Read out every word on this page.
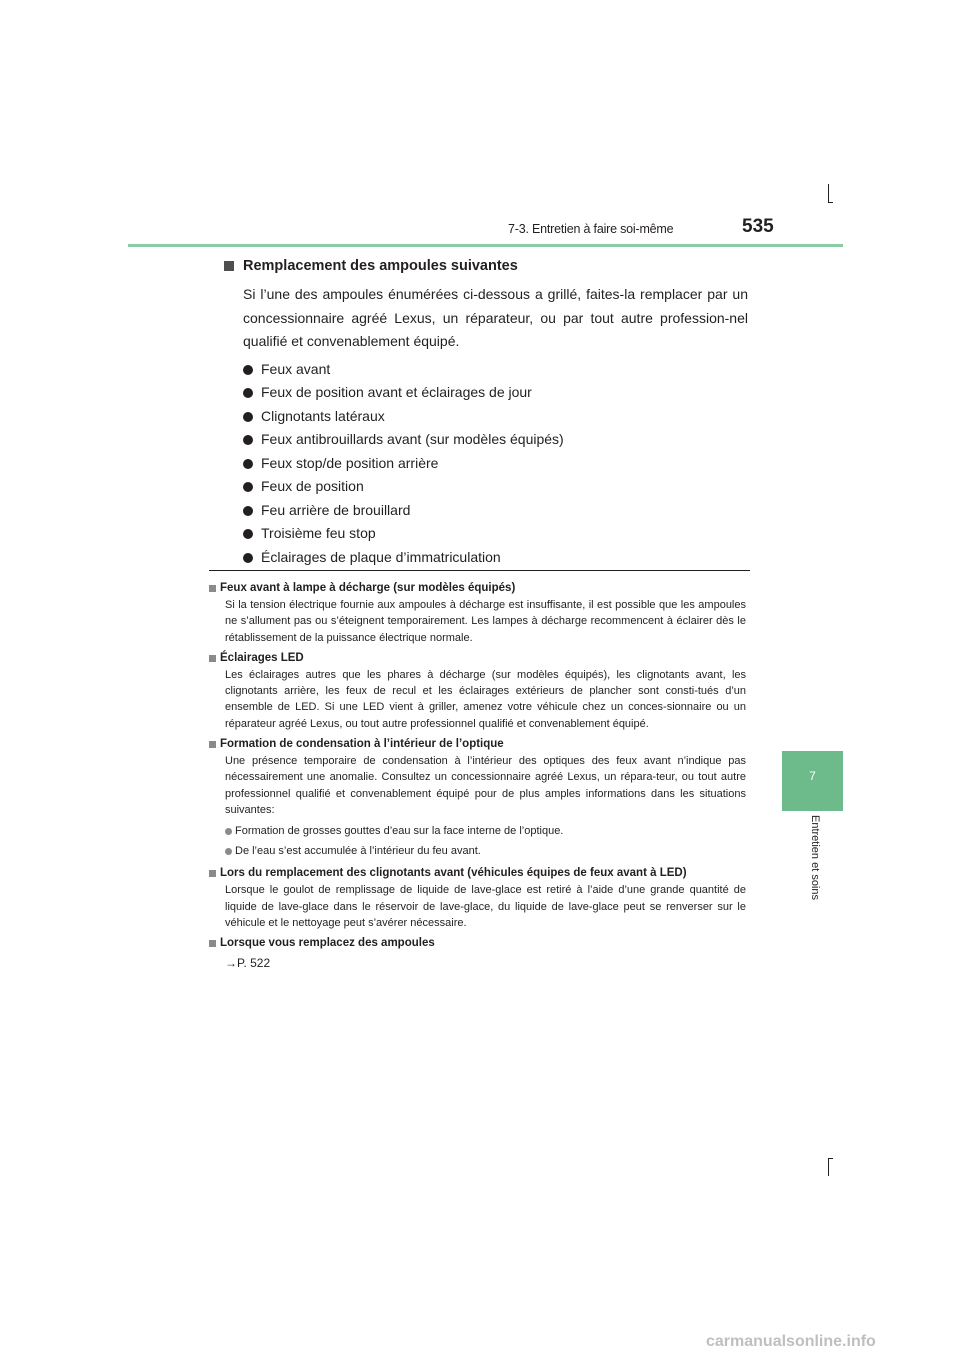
7-3. Entretien à faire soi-même	535
7
Entretien et soins
Remplacement des ampoules suivantes

Si l’une des ampoules énumérées ci-dessous a grillé, faites-la remplacer par un concessionnaire agréé Lexus, un réparateur, ou par tout autre profession-nel qualifié et convenablement équipé.

Feux avant
Feux de position avant et éclairages de jour
Clignotants latéraux
Feux antibrouillards avant (sur modèles équipés)
Feux stop/de position arrière
Feux de position
Feu arrière de brouillard
Troisième feu stop
Éclairages de plaque d’immatriculation
Feux avant à lampe à décharge (sur modèles équipés)
Si la tension électrique fournie aux ampoules à décharge est insuffisante, il est possible que les ampoules ne s’allument pas ou s’éteignent temporairement. Les lampes à décharge recommencent à éclairer dès le rétablissement de la puissance électrique normale.
Éclairages LED
Les éclairages autres que les phares à décharge (sur modèles équipés), les clignotants avant, les clignotants arrière, les feux de recul et les éclairages extérieurs de plancher sont consti-tués d’un ensemble de LED. Si une LED vient à griller, amenez votre véhicule chez un conces-sionnaire ou un réparateur agréé Lexus, ou tout autre professionnel qualifié et convenablement équipé.
Formation de condensation à l’intérieur de l’optique
Une présence temporaire de condensation à l’intérieur des optiques des feux avant n’indique pas nécessairement une anomalie. Consultez un concessionnaire agréé Lexus, un répara-teur, ou tout autre professionnel qualifié et convenablement équipé pour de plus amples informations dans les situations suivantes:
Formation de grosses gouttes d’eau sur la face interne de l’optique.
De l’eau s’est accumulée à l’intérieur du feu avant.
Lors du remplacement des clignotants avant (véhicules équipes de feux avant à LED)
Lorsque le goulot de remplissage de liquide de lave-glace est retiré à l’aide d’une grande quantité de liquide de lave-glace dans le réservoir de lave-glace, du liquide de lave-glace peut se renverser sur le véhicule et le nettoyage peut s’avérer nécessaire.
Lorsque vous remplacez des ampoules
→P. 522
carmanualsonline.info
